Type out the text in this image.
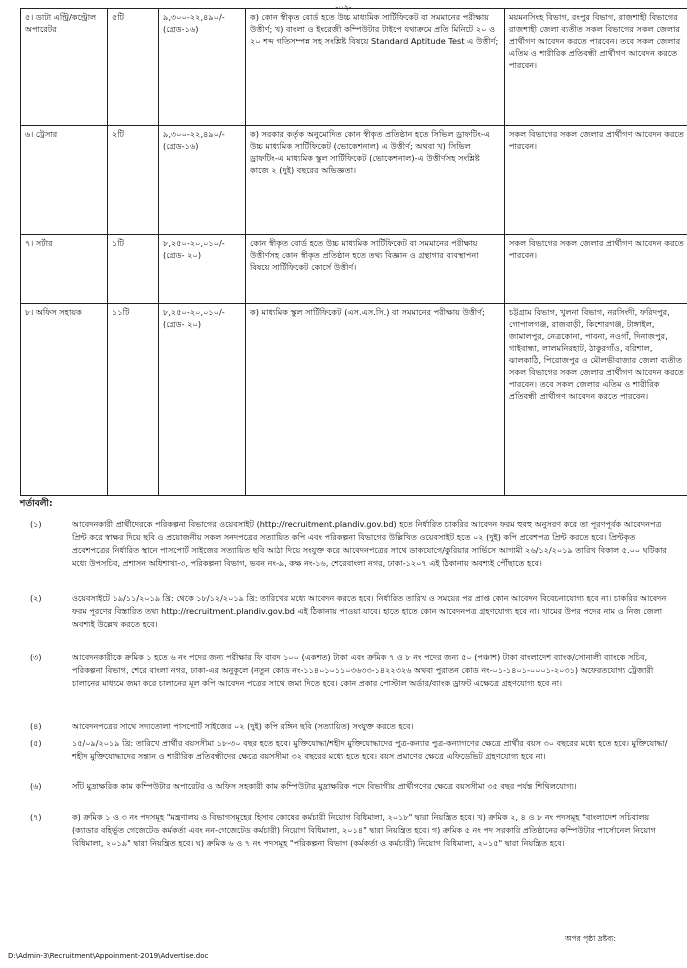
-০২-
৫। ডাটা এন্ট্রি/কন্ট্রোল অপারেটর	৫টি	৯,৩০০-২২,৪৯০/- (গ্রেড-১৬)	ক) কোন স্বীকৃত বোর্ড হতে উচ্চ মাধ্যমিক সার্টিফিকেট বা সমমানের পরীক্ষায় উত্তীর্ণ; খ) বাংলা ও ইংরেজী কম্পিউটার টাইপে যথাক্রমে প্রতি মিনিটে ২০ ও ২০ শব্দ গতিসম্পন্ন সহ সংশ্লিষ্ট বিষয়ে Standard Aptitude Test এ উত্তীর্ণ;	ময়মনসিংহ বিভাগ, রংপুর বিভাগ, রাজশাহী বিভাগের রাজশাহী জেলা ব্যতীত সকল বিভাগের সকল জেলার প্রার্থীগণ আবেদন করতে পারবেন। তবে সকল জেলার এতিম ও শারীরিক প্রতিবন্ধী প্রার্থীগণ আবেদন করতে পারবেন।
৬। ট্রেসার	২টি	৯,৩০০-২২,৪৯০/- (গ্রেড-১৬)	ক) সরকার কর্তৃক অনুমোদিত কোন স্বীকৃত প্রতিষ্ঠান হতে সিভিল ড্রাফটিং-এ উচ্চ মাধ্যমিক সার্টিফিকেট (ভোকেশনাল) এ উত্তীর্ণ; অথবা খ) সিভিল ড্রাফটিং-এ মাধ্যমিক স্কুল সার্টিফিকেট (ভোকেশনাল)-এ উত্তীর্ণসহ সংশ্লিষ্ট কাজে ২ (দুই) বছরের অভিজ্ঞতা।	সকল বিভাগের সকল জেলার প্রার্থীগণ আবেদন করতে পারবেন।
৭। সর্টার	১টি	৮,২৫০-২০,০১০/- (গ্রেড- ২০)	কোন স্বীকৃত বোর্ড হতে উচ্চ মাধ্যমিক সার্টিফিকেট বা সমমানের পরীক্ষায় উত্তীর্ণসহ কোন স্বীকৃত প্রতিষ্ঠান হতে তথ্য বিজ্ঞান ও গ্রন্থাগার ব্যবস্থাপনা বিষয়ে সার্টিফিকেট কোর্সে উত্তীর্ণ।	সকল বিভাগের সকল জেলার প্রার্থীগণ আবেদন করতে পারবেন।
৮। অফিস সহায়ক	১১টি	৮,২৫০-২০,০১০/- (গ্রেড- ২০)	ক) মাধ্যমিক স্কুল সার্টিফিকেট (এস.এস.সি.) বা সমমানের পরীক্ষায় উত্তীর্ণ;	চট্টগ্রাম বিভাগ, খুলনা বিভাগ, নরসিংদী, ফরিদপুর, গোপালগঞ্জ, রাজবাড়ী, কিশোরগঞ্জ, টাঙ্গাইল, জামালপুর, নেত্রকোনা, পাবনা, নওগাঁ, দিনাজপুর, গাইবান্ধা, লালমনিরহাট, ঠাকুরগাঁও, বরিশাল, ঝালকাঠি, পিরোজপুর ও মৌলভীবাজার জেলা ব্যতীত সকল বিভাগের সকল জেলার প্রার্থীগণ আবেদন করতে পারবেন। তবে সকল জেলার এতিম ও শারীরিক প্রতিবন্ধী প্রার্থীগণ আবেদন করতে পারবেন।
শর্তাবলী:
(১)	আবেদনকারী প্রার্থীদেরকে পরিকল্পনা বিভাগের ওয়েবসাইট (http://recruitment.plandiv.gov.bd) হতে নির্ধারিত চাকরির আবেদন ফরম হুবহু অনুসরণ করে তা পূরণপূর্বক আবেদনপত্র প্রিন্ট করে স্বাক্ষর দিয়ে ছবি ও প্রয়োজনীয় সকল সনদপত্রের সত্যায়িত কপি এবং পরিকল্পনা বিভাগের উল্লিখিত ওয়েবসাইট হতে ০২ (দুই) কপি প্রবেশপত্র প্রিন্ট করতে হবে। প্রিন্টকৃত প্রবেশপত্রের নির্ধারিত স্থানে পাসপোর্ট সাইজের সত্যায়িত ছবি আঠা দিয়ে সংযুক্ত করে আবেদনপত্রের সাথে ডাকযোগে/কুরিয়ার সার্ভিসে আগামী ২৬/১২/২০১৯ তারিখ বিকাল ৫.০০ ঘটিকার মধ্যে উপসচিব, প্রশাসন অধিশাখা-৩, পরিকল্পনা বিভাগ, ভবন নং-৯, কক্ষ নং-১৬, শেরেবাংলা নগর, ঢাকা-১২০৭ এই ঠিকানায় অবশ্যই পৌঁছাতে হবে।
(২)	ওয়েবসাইটে ১৯/১১/২০১৯ খ্রি: থেকে ১৮/১২/২০১৯ খ্রি: তারিখের মধ্যে আবেদন করতে হবে। নির্ধারিত তারিখ ও সময়ের পর প্রাপ্ত কোন আবেদন বিবেচনাযোগ্য হবে না। চাকরির আবেদন ফরম পূরণের বিস্তারিত তথ্য http://recruitment.plandiv.gov.bd এই ঠিকানায় পাওয়া যাবে। হাতে হাতে কোন আবেদনপত্র গ্রহণযোগ্য হবে না। খামের উপর পদের নাম ও নিজ জেলা অবশ্যই উল্লেখ করতে হবে।
(৩)	আবেদনকারীকে ক্রমিক ১ হতে ৬ নং পদের জন্য পরীক্ষার ফি বাবদ ১০০ (একশত) টাকা এবং ক্রমিক ৭ ও ৮ নং পদের জন্য ৫০ (পঞ্চাশ) টাকা বাংলাদেশ ব্যাংক/সোনালী ব্যাংকে সচিব, পরিকল্পনা বিভাগ, শেরে বাংলা নগর, ঢাকা-এর অনুকূলে (নতুন কোড নং-১১৪০১০১১০৩৬৩৩-১৪২২৩২৬ অথবা পুরাতন কোড নং-০১-১৪০১-০০০১-২০৩১) অফেরতযোগ্য ট্রেজারী চালানের মাধ্যমে জমা করে চালানের মূল কপি আবেদন পত্রের সাথে জমা দিতে হবে। কোন প্রকার পোস্টাল অর্ডার/ব্যাংক ড্রাফট এক্ষেত্রে গ্রহণযোগ্য হবে না।
(৪)	আবেদনপত্রের সাথে সদ্যতোলা পাসপোর্ট সাইজের ০২ (দুই) কপি রঙ্গিন ছবি (সত্যায়িত) সংযুক্ত করতে হবে।
(৫)	১৫/০৯/২০১৯ খ্রি: তারিখে প্রার্থীর বয়সসীমা ১৮-৩০ বছর হতে হবে। মুক্তিযোদ্ধা/শহীদ মুক্তিযোদ্ধাদের পুত্র-কন্যার পুত্র-কন্যাগণের ক্ষেত্রে প্রার্থীর বয়স ৩০ বছরের মধ্যে হতে হবে। মুক্তিযোদ্ধা/শহীদ মুক্তিযোদ্ধাদের সন্তান ও শারীরিক প্রতিবন্ধীদের ক্ষেত্রে বয়সসীমা ৩২ বছরের মধ্যে হতে হবে। বয়স প্রমাণের ক্ষেত্রে এফিডেভিট গ্রহণযোগ্য হবে না।
(৬)	সাঁট মুদ্রাক্ষরিক কাম কম্পিউটার অপারেটর ও অফিস সহকারী কাম কম্পিউটার মুদ্রাক্ষরিক পদে বিভাগীয় প্রার্থীগণের ক্ষেত্রে বয়সসীমা ৩৫ বছর পর্যন্ত শিথিলযোগ্য।
(৭)	ক) ক্রমিক ১ ও ৩ নং পদসমূহ "মন্ত্রণালয় ও বিভাগসমূহের হিসাব কোষের কর্মচারী নিয়োগ বিধিমালা, ২০১৮" দ্বারা নিয়ন্ত্রিত হবে। খ) ক্রমিক ২, ৪ ও ৮ নং পদসমূহ "বাংলাদেশ সচিবালয় (ক্যাডার বহির্ভূত গেজেটেড কর্মকর্তা এবং নন-গেজেটেড কর্মচারী) নিয়োগ বিধিমালা, ২০১৪" দ্বারা নিয়ন্ত্রিত হবে। গ) ক্রমিক ৫ নং পদ সরকারি প্রতিষ্ঠানের কম্পিউটার পার্সোনেল নিয়োগ বিধিমালা, ২০১৯" দ্বারা নিয়ন্ত্রিত হবে। ঘ) ক্রমিক ৬ ও ৭ নং পদসমূহ "পরিকল্পনা বিভাগ (কর্মকর্তা ও কর্মচারী) নিয়োগ বিধিমালা, ২০১৫" দ্বারা নিয়ন্ত্রিত হবে।
অপর পৃষ্ঠা দ্রষ্টব্য:
D:\Admin-3\Recruitment\Appoinment-2019\Advertise.doc
